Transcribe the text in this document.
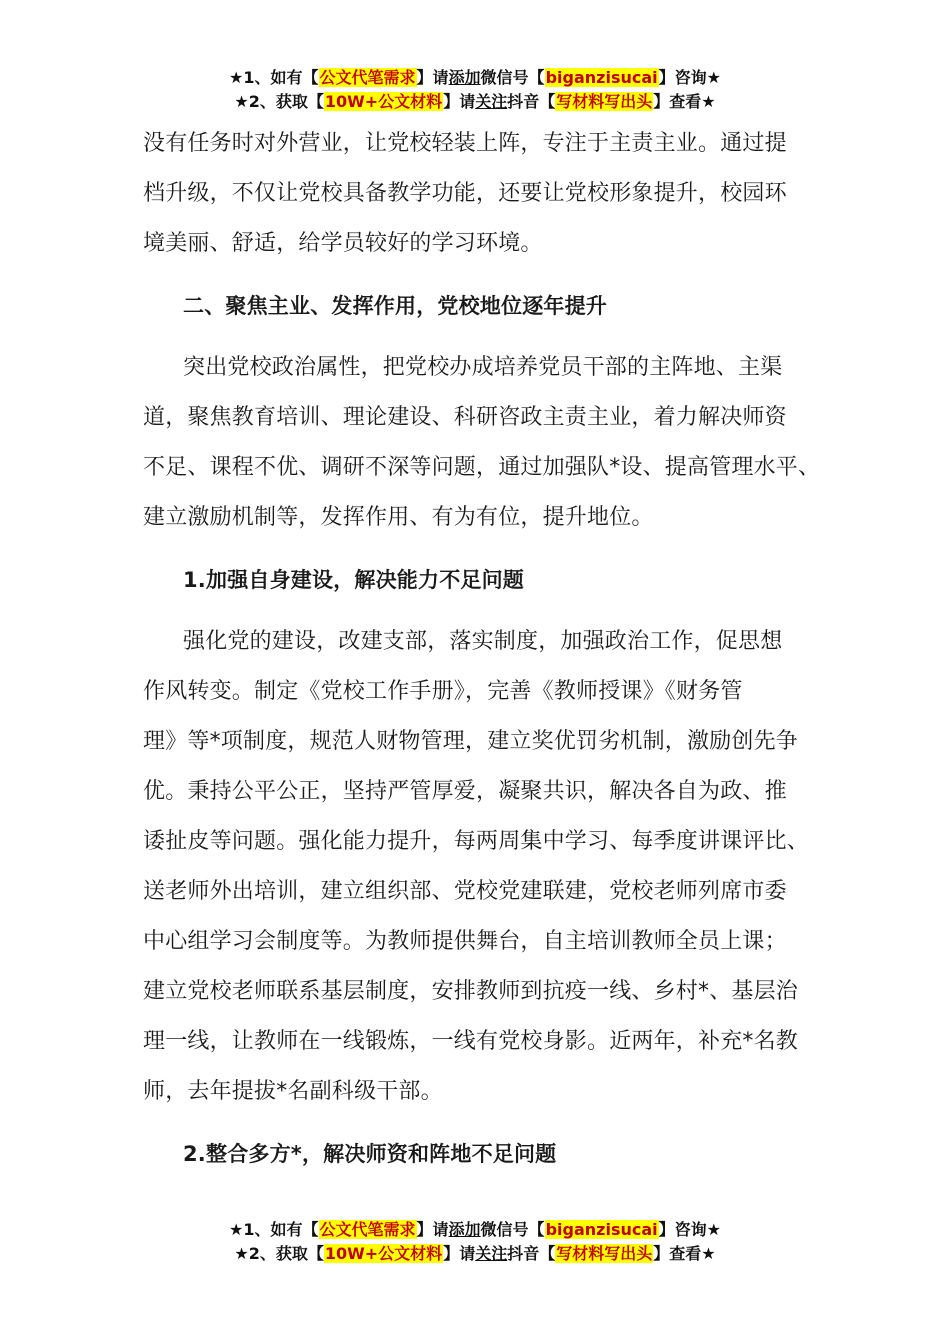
★1、如有【公文代笔需求】请添加微信号【biganzisucai】咨询★
★2、获取【10W+公文材料】请关注抖音【写材料写出头】查看★
没有任务时对外营业，让党校轻装上阵，专注于主责主业。通过提
档升级，不仅让党校具备教学功能，还要让党校形象提升，校园环
境美丽、舒适，给学员较好的学习环境。
二、聚焦主业、发挥作用，党校地位逐年提升
突出党校政治属性，把党校办成培养党员干部的主阵地、主渠
道，聚焦教育培训、理论建设、科研咨政主责主业，着力解决师资
不足、课程不优、调研不深等问题，通过加强队*设、提高管理水平、
建立激励机制等，发挥作用、有为有位，提升地位。
1.加强自身建设，解决能力不足问题
强化党的建设，改建支部，落实制度，加强政治工作，促思想
作风转变。制定《党校工作手册》，完善《教师授课》《财务管
理》等*项制度，规范人财物管理，建立奖优罚劣机制，激励创先争
优。秉持公平公正，坚持严管厚爱，凝聚共识，解决各自为政、推
诿扯皮等问题。强化能力提升，每两周集中学习、每季度讲课评比、
送老师外出培训，建立组织部、党校党建联建，党校老师列席市委
中心组学习会制度等。为教师提供舞台，自主培训教师全员上课；
建立党校老师联系基层制度，安排教师到抗疫一线、乡村*、基层治
理一线，让教师在一线锻炼，一线有党校身影。近两年，补充*名教
师，去年提拔*名副科级干部。
2.整合多方*，解决师资和阵地不足问题
★1、如有【公文代笔需求】请添加微信号【biganzisucai】咨询★
★2、获取【10W+公文材料】请关注抖音【写材料写出头】查看★
